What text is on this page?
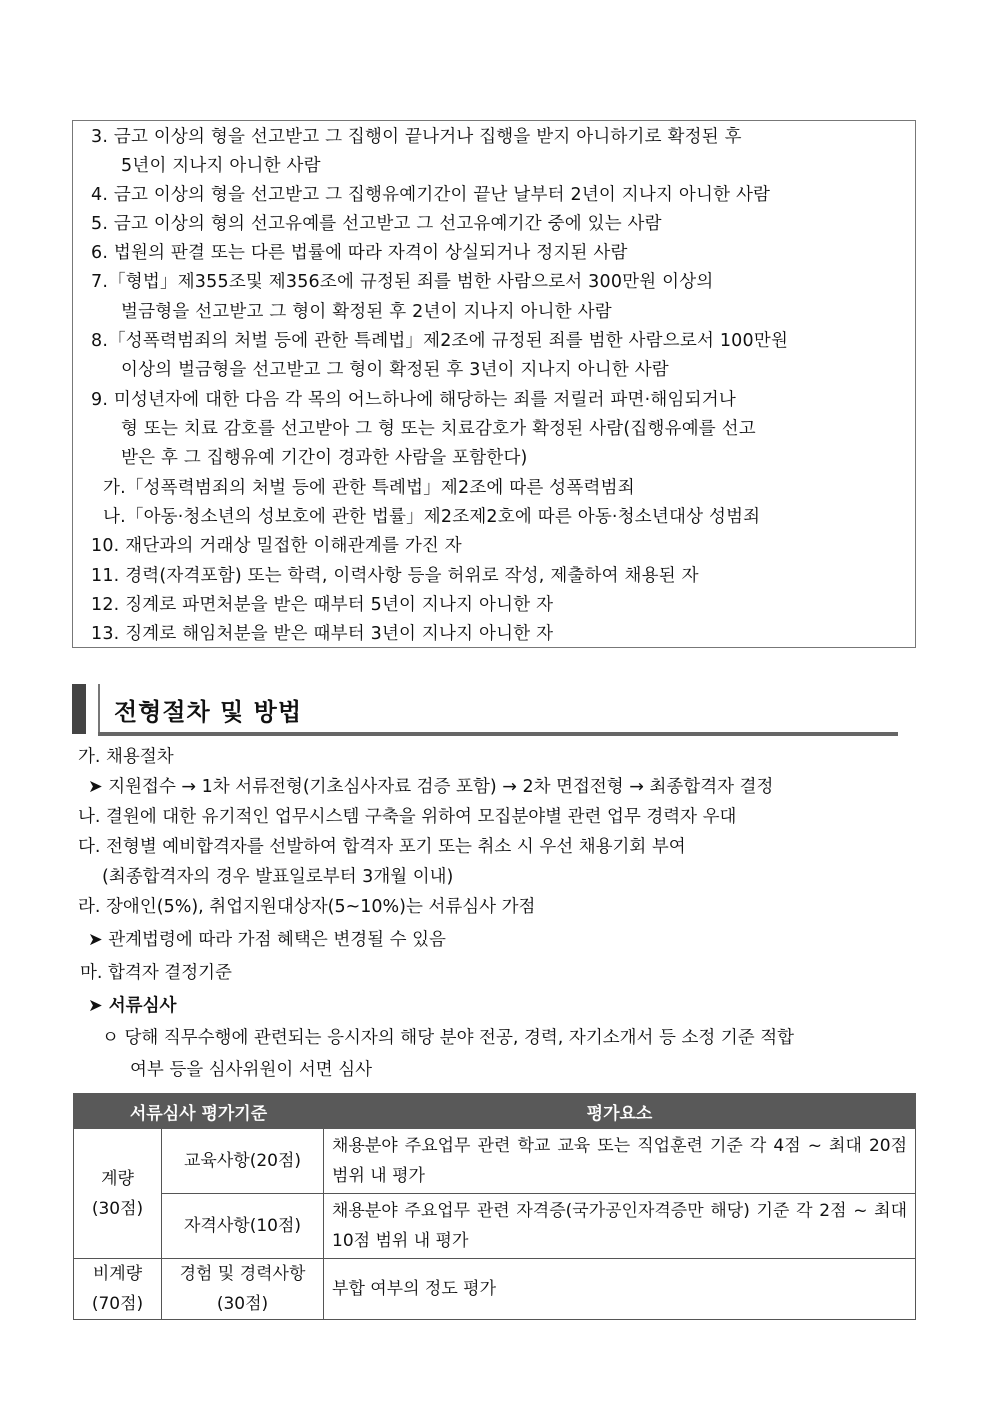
3. 금고 이상의 형을 선고받고 그 집행이 끝나거나 집행을 받지 아니하기로 확정된 후
5년이 지나지 아니한 사람
4. 금고 이상의 형을 선고받고 그 집행유예기간이 끝난 날부터 2년이 지나지 아니한 사람
5. 금고 이상의 형의 선고유예를 선고받고 그 선고유예기간 중에 있는 사람
6. 법원의 판결 또는 다른 법률에 따라 자격이 상실되거나 정지된 사람
7.「형법」제355조및 제356조에 규정된 죄를 범한 사람으로서 300만원 이상의
벌금형을 선고받고 그 형이 확정된 후 2년이 지나지 아니한 사람
8.「성폭력범죄의 처벌 등에 관한 특례법」제2조에 규정된 죄를 범한 사람으로서 100만원
이상의 벌금형을 선고받고 그 형이 확정된 후 3년이 지나지 아니한 사람
9. 미성년자에 대한 다음 각 목의 어느하나에 해당하는 죄를 저릴러 파면·해임되거나
형 또는 치료 감호를 선고받아 그 형 또는 치료감호가 확정된 사람(집행유예를 선고
받은 후 그 집행유예 기간이 경과한 사람을 포함한다)
가.「성폭력범죄의 처벌 등에 관한 특례법」제2조에 따른 성폭력범죄
나.「아동·청소년의 성보호에 관한 법률」제2조제2호에 따른 아동·청소년대상 성범죄
10. 재단과의 거래상 밀접한 이해관계를 가진 자
11. 경력(자격포함) 또는 학력, 이력사항 등을 허위로 작성, 제출하여 채용된 자
12. 징계로 파면처분을 받은 때부터 5년이 지나지 아니한 자
13. 징계로 해임처분을 받은 때부터 3년이 지나지 아니한 자
전형절차 및 방법
가. 채용절차
➤ 지원접수 → 1차 서류전형(기초심사자료 검증 포함) → 2차 면접전형 → 최종합격자 결정
나. 결원에 대한 유기적인 업무시스템 구축을 위하여 모집분야별 관련 업무 경력자 우대
다. 전형별 예비합격자를 선발하여 합격자 포기 또는 취소 시 우선 채용기회 부여
(최종합격자의 경우 발표일로부터 3개월 이내)
라. 장애인(5%), 취업지원대상자(5~10%)는 서류심사 가점
➤ 관계법령에 따라 가점 혜택은 변경될 수 있음
마. 합격자 결정기준
➤ 서류심사
ㅇ 당해 직무수행에 관련되는 응시자의 해당 분야 전공, 경력, 자기소개서 등 소정 기준 적합
여부 등을 심사위원이 서면 심사
서류심사 평가기준		평가요소
계량 (30점)	교육사항(20점)	채용분야 주요업무 관련 학교 교육 또는 직업훈련 기준 각 4점 ~ 최대 20점 범위 내 평가
	자격사항(10점)	채용분야 주요업무 관련 자격증(국가공인자격증만 해당) 기준 각 2점 ~ 최대 10점 범위 내 평가
비계량 (70점)	경험 및 경력사항(30점)	부합 여부의 정도 평가
